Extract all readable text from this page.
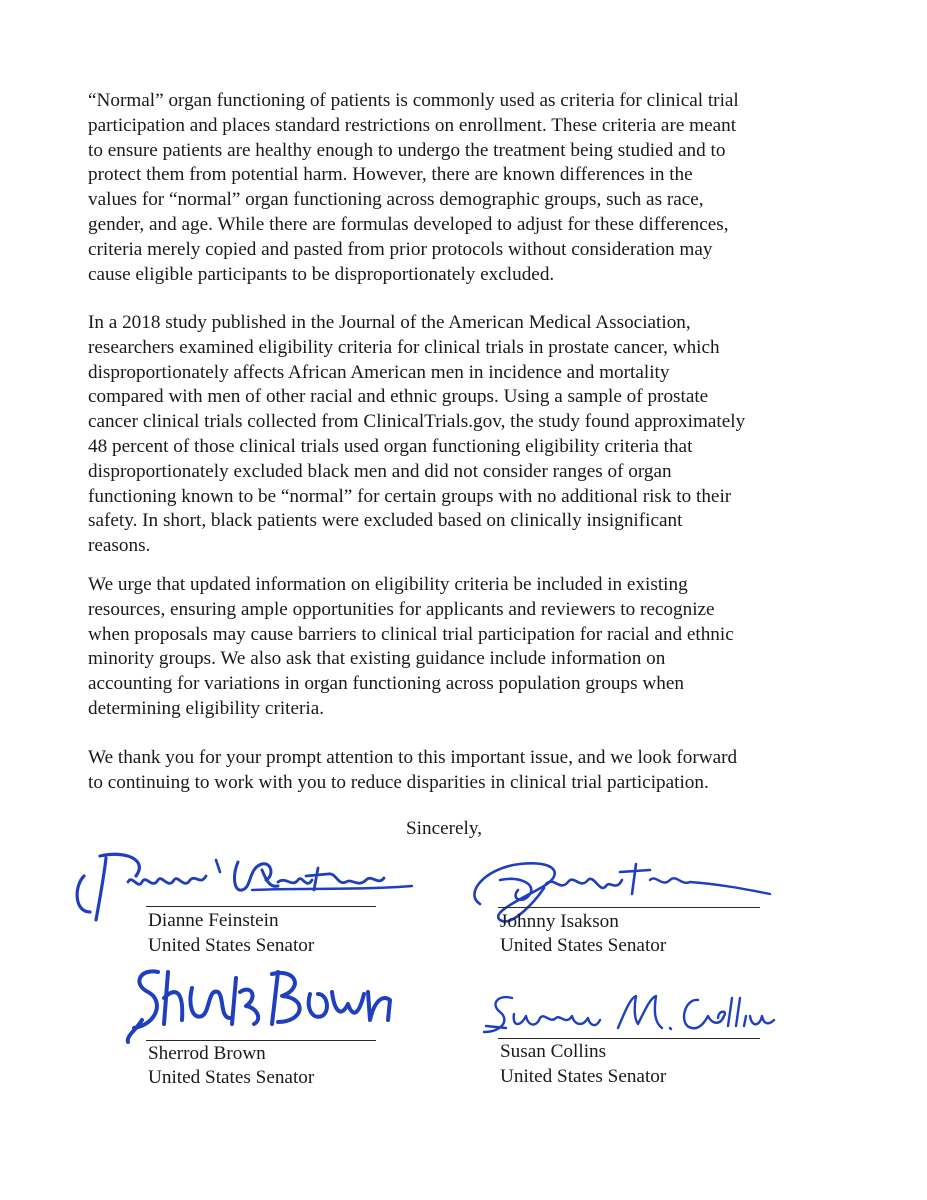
“Normal” organ functioning of patients is commonly used as criteria for clinical trial
participation and places standard restrictions on enrollment. These criteria are meant
to ensure patients are healthy enough to undergo the treatment being studied and to
protect them from potential harm. However, there are known differences in the
values for “normal” organ functioning across demographic groups, such as race,
gender, and age. While there are formulas developed to adjust for these differences,
criteria merely copied and pasted from prior protocols without consideration may
cause eligible participants to be disproportionately excluded.

In a 2018 study published in the Journal of the American Medical Association,
researchers examined eligibility criteria for clinical trials in prostate cancer, which
disproportionately affects African American men in incidence and mortality
compared with men of other racial and ethnic groups. Using a sample of prostate
cancer clinical trials collected from ClinicalTrials.gov, the study found approximately
48 percent of those clinical trials used organ functioning eligibility criteria that
disproportionately excluded black men and did not consider ranges of organ
functioning known to be “normal” for certain groups with no additional risk to their
safety. In short, black patients were excluded based on clinically insignificant
reasons.

We urge that updated information on eligibility criteria be included in existing
resources, ensuring ample opportunities for applicants and reviewers to recognize
when proposals may cause barriers to clinical trial participation for racial and ethnic
minority groups. We also ask that existing guidance include information on
accounting for variations in organ functioning across population groups when
determining eligibility criteria.

We thank you for your prompt attention to this important issue, and we look forward
to continuing to work with you to reduce disparities in clinical trial participation.

Sincerely,
Dianne Feinstein
United States Senator
Johnny Isakson
United States Senator
Sherrod Brown
United States Senator
Susan Collins
United States Senator
